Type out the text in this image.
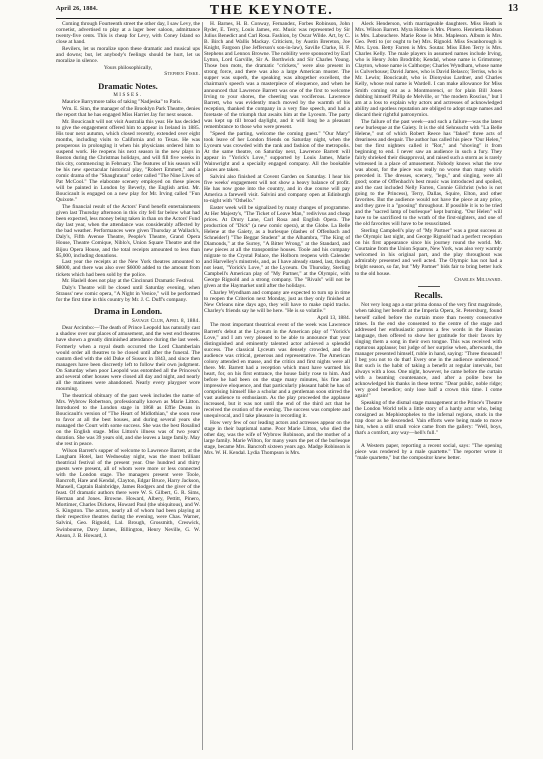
April 26, 1884.	THE KEYNOTE.	13

Coming through Fourteenth street the other day, I saw Levy, the cornetist, advertised to play at a lager beer saloon, admittance twenty-five cents. This is cheap for Levy, with Coney Island so close at hand.

Revilers, let us moralize upon these dramatic and musical ups and downs; but, let anybody's feelings should be hurt, let us moralize in silence.

Yours philosophically,

Stephen Fiske.

Dramatic Notes.
MISSES.

Maurice Barrymore talks of taking "Nadjeska" to Paris.

Wm. E. Sinn, the manager of the Brooklyn Park Theatre, denies the report that he has engaged Miss Harriet Jay for next season.

Mr. Boucicault will not visit Australia this year. He has decided to give the engagement offered him to appear in Ireland in 1885. His tour next autumn, which closed recently, extended over eight months, including visits to California and to Texas. He was prosperous in prolonging it when his physicians ordered him to suspend work. He reopens his next season in the new plays in Boston during the Christmas holidays, and will fill five weeks in this city, commencing in February. The features of his season will be his new spectacular historical play, "Robert Emmett," and a comic drama of the "Shaughraun" order called "The Nine Lives of Pat McCool." The elaborate scenery employed on these pieces will be painted in London by Beverly, the English artist. Mr. Boucicault is engaged on a new play for Mr. Irving called "Fun Quixote."

The financial result of the Actors' Fund benefit entertainments given last Thursday afternoon in this city fell far below what had been expected, less money being taken in than on the Actors' Fund day last year, when the attendance was considerably affected by the bad weather. Performances were given Thursday at Wallack's, Daly's, Fifth Avenue Theatre, People's Theatre, Grand Opera House, Theatre Comique, Niblo's, Union Square Theatre and the Bijou Opera House, and the total receipts amounted to less than $5,000, including donations.

Last year the receipts at the New York theatres amounted to $8000, and there was also over $6000 added to the amount from tickets which had been sold by the police.

Mr. Haslell does not play at the Cincinnati Dramatic Festival.

Daly's Theatre will be closed until Saturday evening, when Strauss' new comic opera, "A Night in Venice," will be performed for the first time in this country by Mr. J. C. Duff's company.

Drama in London.
Savage Club, April 8, 1884.

Dear Arcimbo:—The death of Prince Leopold has naturally cast a shadow over our places of amusement, and the west end theatres have shown a greatly diminished attendance during the last week. Formerly when a royal death occurred the Lord Chamberlain would order all theatres to be closed until after the funeral. The custom died with the old Duke of Sussex in 1843, and since then managers have been discreetly left to follow their own judgment. On Saturday when poor Leopold was entombed all the Princess's and several other houses were closed all day and night, and nearly all the matinees were abandoned. Nearly every playgoer wore mourning.

The theatrical obituary of the past week includes the name of Mrs. Wybrow Robertson, professionally known as Marie Litton. Introduced to the London stage in 1868 as Effie Deans in Boucicault's version of "The Heart of Midlothian," she soon rose to favor at all the best houses, and during several years she managed the Court with some success. She was the best Rosalind on the English stage. Miss Litton's illness was of two years' duration. She was 39 years old, and she leaves a large family. May she rest in peace.

Wilson Barrett's supper of welcome to Lawrence Barrett, at the Langham Hotel, last Wednesday night, was the most brilliant theatrical festival of the present year. One hundred and thirty guests were present, all of whom were more or less connected with the London stage. The managers present were Toole, Bancroft, Hare and Kendal, Clayton, Edgar Bruce, Harry Jackson, Mansell, Captain Bainbridge, James Rodgers and the giver of the feast. Of dramatic authors there were W. S. Gilbert, G. R. Sims, Herman and Jones. Browne. Howard, Albery, Pettitt, Pinero, Mortimer, Charles Dickens, Howard Paul (the ubiquitous), and W. S. Kingston. The actors, nearly all of whom had been playing at their respective theatres during the evening, were Chas. Warner, Salvini, Geo. Rignold, Lal. Brough, Grossmith, Creswick, Swinbourne, Davy James, Billington, Henry Neville, G. W. Anson, J. B. Howard, J.

H. Barnes, H. B. Conway, Fernandez, Forbes Robinson, John Ryder, E. Terry, Louis James, etc. Music was represented by Sir Julius Benedict and Carl Rosa. Fashion, by Oscar Wilde. Art, by C. B. Birch and Wallis Mackay. Criticism, by Austin Brereton, Joe Knight, Fargoon (Joe Jefferson's son-in-law), Saville Clarke, H. F. Stephens and Lennox Browne. The nobility were sponsored by Earl Lytton, Lord Garville, Sir A. Borthwick and Sir Charles Young. Those bon mots, the dramatic "crickets," were also present in strong force, and there was also a large American muster. The supper was superb, the speaking was altogether excellent, the chairman's speech was a masterpiece of eloquence, and when he announced that Lawrence Barrett was one of the first to welcome Irving to your shores, the cheering was vociferous. Lawrence Barrett, who was evidently much moved by the warmth of his reception, thanked the company in a very fine speech, and had a foretaste of the triumph that awaits him at the Lyceum. The party was kept up till broad daylight, and it will long be a pleasant remembrance to those who were present.

"Speed the parting, welcome the coming guest." "Our Mary" took leave of her London friends on Saturday night, when the Lyceum was crowded with the rank and fashion of the metropolis. At the same theatre, on Saturday next, Lawrence Barrett will appear in "Yorick's Love," supported by Louis James, Marie Wainwright and a specially engaged company. All the bookable places are taken.

Salvini also finished at Covent Garden on Saturday. I hear his five weeks' engagement will not show a heavy balance of profit. He has now gone into the country, and in due course will pay America a farewell visit. Salvini and company open at Edinburgh to-night with "Othello."

Easter week will be signalized by many changes of programme. At Her Majesty's, "The Ticket of Leave Man," redivivus and cheap prices. At Drury Lane, Carl Rosa and English Opera. The production of "Dick" (a new comic opera), at the Globe. La Belle Helene at the Gaiety, as a burlesque (dashes of Offenbach and Schneider!) "The Beggar Student" at the Alhambra, "The King of Diamonds," at the Surrey, "A Bitter Wrong," at the Standard, and new pieces at all the transpontine houses. Toole and his company migrate to the Crystal Palace, the Holborn reopens with Calender and Harvelley's minstrels, and, as I have already stated, last, though not least, "Yorick's Love," at the Lyceum. On Thursday, Sterling Campbell's American play of "My Partner," at the Olympic, with George Rignold and a strong company. The "Rivals" will not be given at the Haymarket until after the holidays.

Charley Wyndham and company are expected to turn up in time to reopen the Criterion next Monday, just as they only finished at New Orleans nine days ago, they will have to make rapid tracks. Charley's friends say he will be here. "He is so volatile."

April 13, 1884.

The most important theatrical event of the week was Lawrence Barrett's debut at the Lyceum in the American play of "Yorick's Love," and I am very pleased to be able to announce that your distinguished and eminently talented actor achieved a splendid success. The classical Lyceum was densely crowded, and the audience was critical, generous and representative. The American colony attended en masse, and the critics and first nights were all there. Mr. Barrett had a reception which must have warmed his heart, for, on his first entrance, the house fairly rose to him. And before he had been on the stage many minutes, his fine and impressive eloquence, and that particularly pleasant habit he has of comprising himself like a scholar and a gentleman soon stirred the vast audience to enthusiasm. As the play proceeded the applause increased, but it was not until the end of the third act that he received the ovation of the evening. The success was complete and unequivocal, and I take pleasure in recording it.

How very few of our leading actors and actresses appear on the stage in their baptismal name. Poor Marie Litton, who died the other day, was the wife of Wybrow Robinson, and the mother of a large family. Marie Wilton, for many years the pet of the burlesque stage, became Mrs. Bancroft sixteen years ago. Madge Robinson is Mrs. W. H. Kendal. Lydia Thompson is Mrs.

Aleck Henderson, with marriageable daughters. Miss Heath is Mrs. Wilson Barrett. Myra Holme is Mrs. Pinero. Henrietta Hodson is Mrs. Labouchere. Marie Rose is Mrs. Mapleson. Album is Mrs. Geo. Petti to (or ought to be) Mrs. Rignold. Miss Swanborough is Mrs. Lyon. Betty Farren is Mrs. Soutar. Miss Ellen Terry is Mrs. Charles Kelly. The male players in assumed names include Irving, who is Henry John Brodribb; Kendal, whose name is Grimstone; Clayton, whose name is Calthorpe; Charles Wyndham, whose name is Culverhouse; David James, who is David Belasco; Terriss, who is Mr. Lewin; Boucicault, who is Dionysius Lardner, and Charles Kelly, whose real name is Wardell. I can make allowance for Miss Smith coming out as a Montmorenci, or for plain Bill Jones dubbing himself Philip de Melville, or "the modern Roscius," but I am at a loss to explain why actors and actresses of acknowledged ability and spotless reputation are obliged to adopt stage names and discard their rightful patronymics.

The failure of the past week—and such a failure—was the latest new burlesque at the Gaiety. It is the old Sehnsucht with "La Belle Helene," out of which Robert Reece has "faked" three acts of dreariness and despair. The author has called his piece "Our Helen," but the first nighters called it "Rot," and "shoving" it from beginning to end. I never saw an audience in such a fury. They fairly shrieked their disapproval, and raised such a storm as is rarely witnessed in a place of amusement. Nobody knows what the row was about, for the piece was really no worse than many which preceded it. The dresses, scenery, "legs," and singing, were all good; some of Offenbach's best music was introduced and spoiled, and the cast included Nelly Farren, Connie Gilchrist (who is not going to the Princess), Terry, Dallas, Squire, Elton, and other favorites. But the audience would not have the piece at any price, and they gave it a "goosing" throughout. If possible it is to be tried and the "sacred lamp of burlesque" kept burning. "Our Helen" will have to be sacrificed to the wrath of the first-nighters, and one of the old favorites will have to be resuscitated.

Sterling Campbell's play of "My Partner" was a great success at the Olympic last night, and George Rignold had a perfect reception on his first appearance since his journey round the world. Mr. Courtaine from the Union Square, New York, was also very warmly welcomed in his original part, and the play throughout was admirably presented and well acted. The Olympic has not had a bright season, so far, but "My Partner" bids fair to bring better luck to the old house.

Charles Millward.

Recalls.

Not very long ago a star prima donna of the very first magnitude, when taking her benefit at the Imperia Opera, St. Petersburg, found herself called before the curtain more than twenty consecutive times. In the end she consented to the centre of the stage and addressed her enthusiastic patrons a few words in the Russian language, then offered to show her gratitude for their favors by singing them a song in their own tongue. This was received with rapturous applause; but judge of her surprise when, afterwards, the manager presented himself, ruble in hand, saying: "Three thousand! I beg you not to do that! Every one in the audience understood." But such is the habit of taking a benefit at regular intervals, but always with a loss. One night, however, he came before the curtain with a beaming countenance, and after a polite bow he acknowledged his thanks in these terms: "Dear public, noble ridge; very good benedice; only lose half a crown this time. I come again!"

Speaking of the dismal stage management at the Prince's Theatre the London World tells a little story of a hardy actor who, being consigned as Mephistopheles to the infernal regions, stuck in the trap door as he descended. Vain efforts were being made to move him, when a still small voice came from the gallery: "Well, boys, that's a comfort, any way—hell's full."

A Western paper, reporting a recent social, says: "The opening piece was rendered by a male quartette." The reporter wrote it "male quartette," but the compositor knew better.
